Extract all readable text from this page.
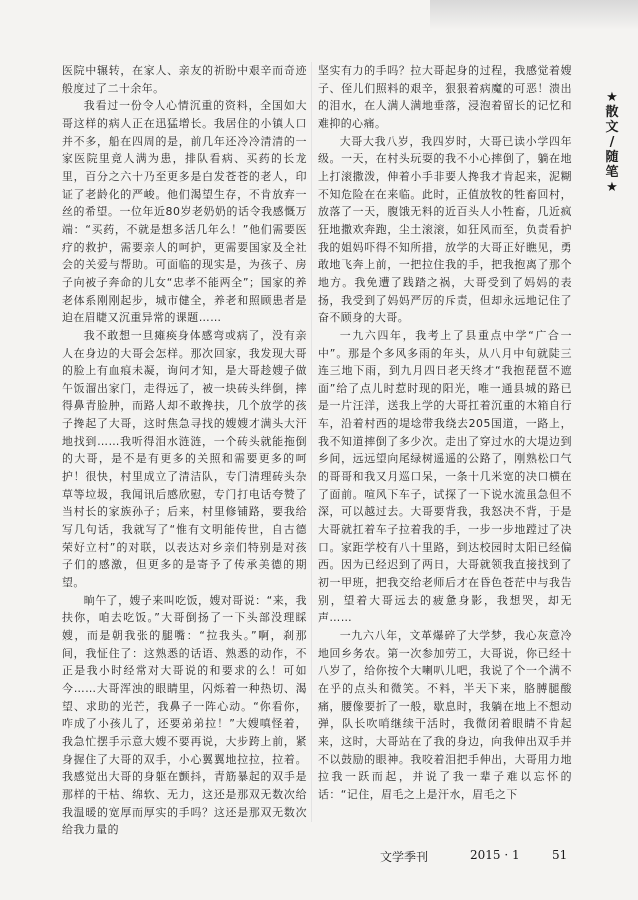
医院中辗转，在家人、亲友的祈盼中艰辛而奇迹般度过了二十余年。

我看过一份令人心情沉重的资料，全国如大哥这样的病人正在迅猛增长。我居住的小镇人口并不多，船在四周的是，前几年还冷冷清清的一家医院里竟人满为患，排队看病、买药的长龙里，百分之六十乃至更多是白发苍苍的老人，印证了老龄化的严峻。他们渴望生存，不肯放弃一丝的希望。一位年近80岁老奶奶的话令我感慨万端：“买药，不就是想多活几年么！”他们需要医疗的救护，需要亲人的呵护，更需要国家及全社会的关爱与帮助。可面临的现实是，为孩子、房子向被子奔命的儿女“忠孝不能两全”；国家的养老体系刚刚起步，城市健全，养老和照顾患者是迫在眉睫又沉重异常的课题……

我不敢想一旦瘫痪身体感弯或病了，没有亲人在身边的大哥会怎样。那次回家，我发现大哥的脸上有血痕未凝，询问才知，是大哥趁嫂子做午饭溜出家门，走得远了，被一块砖头绊倒，摔得鼻青脸肿，而路人却不敢搀扶，几个放学的孩子搀起了大哥，这时焦急寻找的嫂嫂才满头大汗地找到……我听得泪水涟涟，一个砖头就能拖倒的大哥，是不是有更多的关照和需要更多的呵护！很快，村里成立了清洁队，专门清理砖头杂草等垃圾，我闻讯后感欣慰，专门打电话夸赞了当村长的家族孙子；后来，村里修铺路，要我给写几句话，我就写了“惟有文明能传世，自古德荣好立村”的对联，以表达对乡亲们特别是对孩子们的感激，但更多的是寄予了传承美德的期望。

晌午了，嫂子来叫吃饭，嫂对哥说：“来，我扶你，咱去吃饭。”大哥倒扬了一下头部没理睬嫂，而是朝我张的腿嘴：“拉我头。”啊，刹那间，我怔住了：这熟悉的话语、熟悉的动作，不正是我小时经常对大哥说的和要求的么！可如今……大哥浑浊的眼睛里，闪烁着一种热切、渴望、求助的光芒，我鼻子一阵心动。“你看你，咋成了小孩儿了，还要弟弟拉！”大嫂嗔怪着，我急忙摆手示意大嫂不要再说，大步跨上前，紧身握住了大哥的双手，小心翼翼地拉拉，拉着。我感觉出大哥的身躯在颤抖，青筋暴起的双手是那样的干枯、绵软、无力，这还是那双无数次给我温暖的宽厚而厚实的手吗？这还是那双无数次给我力量的

坚实有力的手吗？拉大哥起身的过程，我感觉着嫂子、侄儿们照料的艰辛，狠狠着病魔的可恶！溃出的泪水，在人满人满地垂落，浸泡着留长的记忆和难抑的心痛。

大哥大我八岁，我四岁时，大哥已读小学四年级。一天，在村头玩耍的我不小心摔倒了，躺在地上打滚撒泼，伸着小手非要人搀我才肯起来，泥糊不知危险在在来临。此时，正值放牧的牲畜回村，放落了一天，腹饿无料的近百头人小牲畜，几近疯狂地撒欢奔跑，尘土滚滚，如狂风而至，负责看护我的姐妈吓得不知所措，放学的大哥正好瞧见，勇敢地飞奔上前，一把拉住我的手，把我抱离了那个地方。我免遭了践踏之祸，大哥受到了妈妈的表扬，我受到了妈妈严厉的斥责，但却永远地记住了奋不顾身的大哥。

一九六四年，我考上了县重点中学“广合一中”。那是个多风多雨的年头，从八月中旬就陡三连三地下雨，到九月四日老天终才“我抱琵琶不遮面”给了点儿时惹时现的阳光，唯一通县城的路已是一片汪洋，送我上学的大哥扛着沉重的木箱自行车，沿着村西的堤埝带我绕去205国道，一路上，我不知道摔倒了多少次。走出了穿过水的大堤边到乡间，远远望向尾绿树遥遥的公路了，刚熟松口气的哥哥和我又月巡口呆，一条十几米宽的决口横在了面前。喧风下车子，试探了一下说水流虽急但不深，可以越过去。大哥要背我，我怒决不背，于是大哥就扛着车子拉着我的手，一步一步地蹚过了决口。家距学校有八十里路，到达校园时太阳已经偏西。因为已经迟到了两日，大哥就领我直接找到了初一甲班，把我交给老师后才在昏色苍茫中与我告别，望着大哥远去的疲惫身影，我想哭，却无声……

一九六八年，文革爆碎了大学梦，我心灰意冷地回乡务农。第一次参加劳工，大哥说，你已经十八岁了，给你按个大喇叭儿吧，我说了个一个满不在乎的点头和微笑。不料，半天下来，胳膊腿酸痛，腰像要折了一般，歇息时，我躺在地上不想动弹，队长吹哨继续干活时，我微闭着眼睛不肯起来，这时，大哥站在了我的身边，向我伸出双手并不以鼓励的眼神。我咬着泪把手伸出，大哥用力地拉我一跃而起，并说了我一辈子难以忘怀的话：“记住，眉毛之上是汗水，眉毛之下

★
散
文
/
随
笔
★
文学季刊	2015 · 1	51
